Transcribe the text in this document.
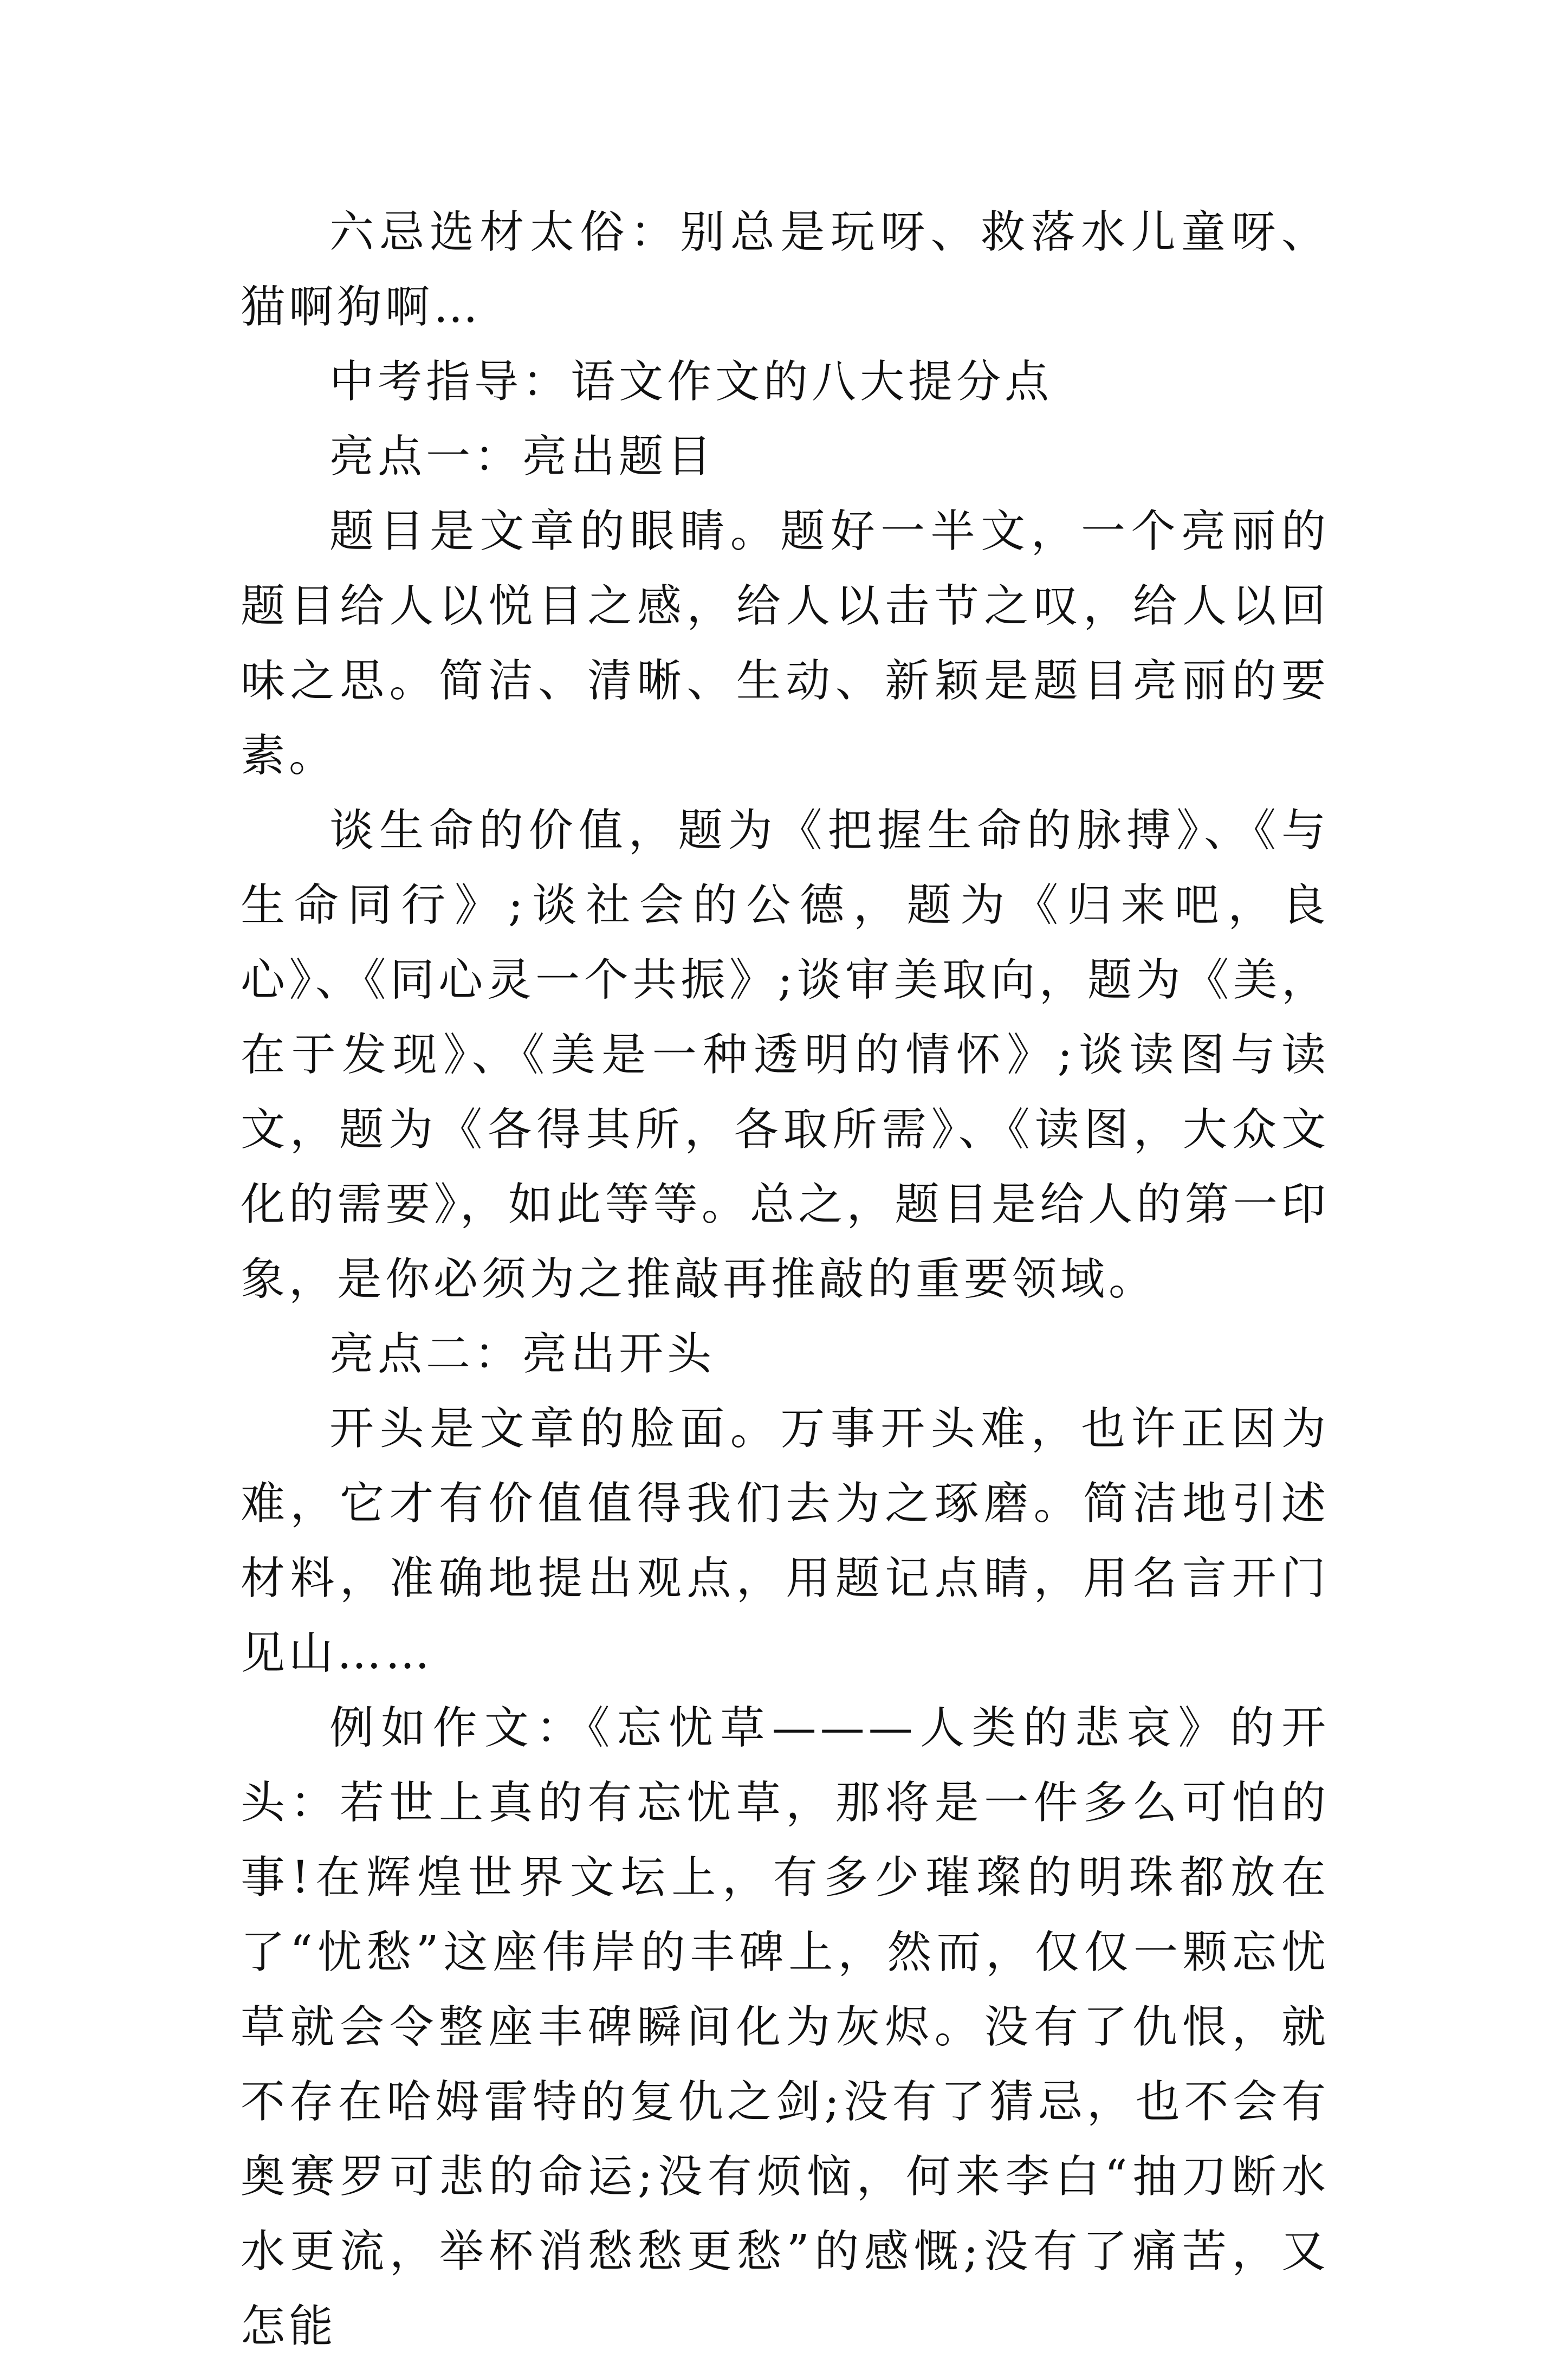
六忌选材太俗：别总是玩呀、救落水儿童呀、猫啊狗啊…

中考指导：语文作文的八大提分点

亮点一：亮出题目

题目是文章的眼睛。题好一半文，一个亮丽的题目给人以悦目之感，给人以击节之叹，给人以回味之思。简洁、清晰、生动、新颖是题目亮丽的要素。

谈生命的价值，题为《把握生命的脉搏》、《与生命同行》;谈社会的公德，题为《归来吧，良心》、《同心灵一个共振》;谈审美取向，题为《美，在于发现》、《美是一种透明的情怀》;谈读图与读文，题为《各得其所，各取所需》、《读图，大众文化的需要》，如此等等。总之，题目是给人的第一印象，是你必须为之推敲再推敲的重要领域。

亮点二：亮出开头

开头是文章的脸面。万事开头难，也许正因为难，它才有价值值得我们去为之琢磨。简洁地引述材料，准确地提出观点，用题记点睛，用名言开门见山……

例如作文：《忘忧草———人类的悲哀》的开头：若世上真的有忘忧草，那将是一件多么可怕的事!在辉煌世界文坛上，有多少璀璨的明珠都放在了“忧愁”这座伟岸的丰碑上，然而，仅仅一颗忘忧草就会令整座丰碑瞬间化为灰烬。没有了仇恨，就不存在哈姆雷特的复仇之剑;没有了猜忌，也不会有奥赛罗可悲的命运;没有烦恼，何来李白“抽刀断水水更流，举杯消愁愁更愁”的感慨;没有了痛苦，又怎能
